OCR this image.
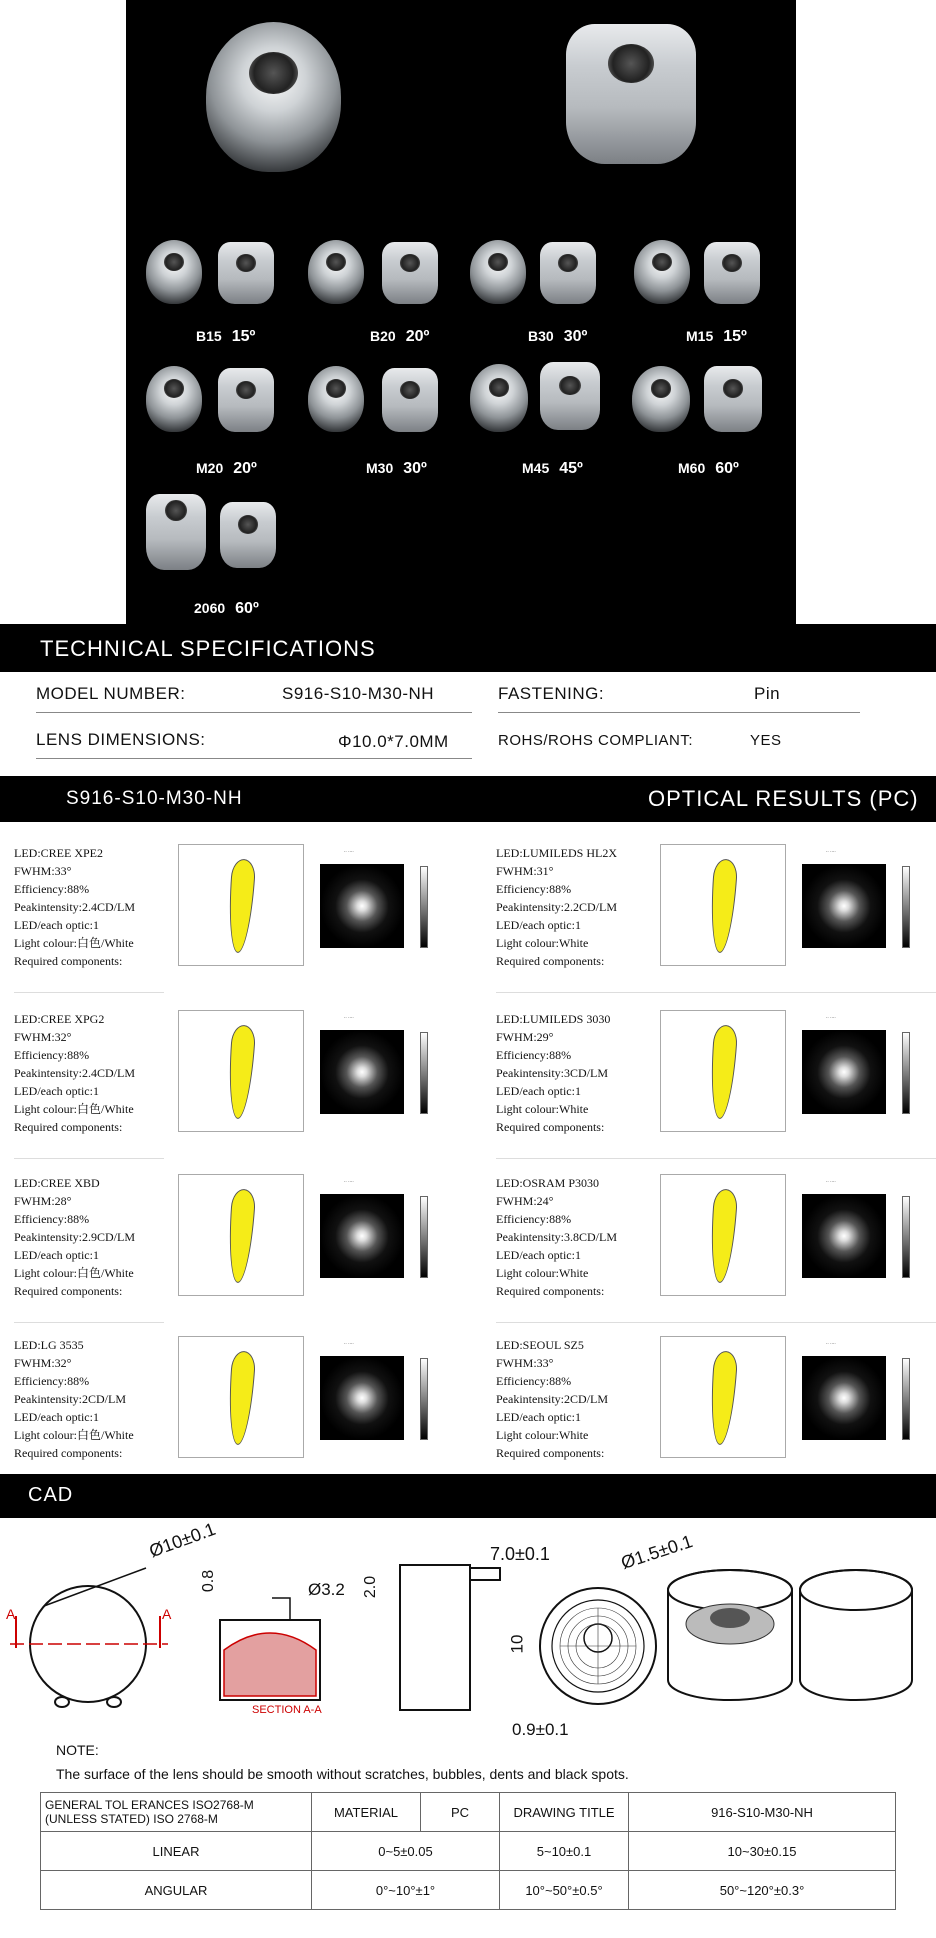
B15 15º	B20 20º	B30 30º	M15 15º
M20 20º	M30 30º	M45 45º	M60 60º
2060 60º
TECHNICAL SPECIFICATIONS
MODEL NUMBER:	S916-S10-M30-NH	FASTENING:	Pin
LENS DIMENSIONS:	Φ10.0*7.0MM	ROHS/ROHS COMPLIANT:	YES
S916-S10-M30-NH	OPTICAL RESULTS (PC)
LED:CREE XPE2
FWHM:33°
Efficiency:88%
Peakintensity:2.4CD/LM
LED/each optic:1
Light colour:白色/White
Required components:
.. ....	LED:LUMILEDS HL2X
FWHM:31°
Efficiency:88%
Peakintensity:2.2CD/LM
LED/each optic:1
Light colour:White
Required components:
.. ....
LED:CREE XPG2
FWHM:32°
Efficiency:88%
Peakintensity:2.4CD/LM
LED/each optic:1
Light colour:白色/White
Required components:
.. ....	LED:LUMILEDS 3030
FWHM:29°
Efficiency:88%
Peakintensity:3CD/LM
LED/each optic:1
Light colour:White
Required components:
.. ....
LED:CREE XBD
FWHM:28°
Efficiency:88%
Peakintensity:2.9CD/LM
LED/each optic:1
Light colour:白色/White
Required components:
.. ....	LED:OSRAM P3030
FWHM:24°
Efficiency:88%
Peakintensity:3.8CD/LM
LED/each optic:1
Light colour:White
Required components:
.. ....
LED:LG 3535
FWHM:32°
Efficiency:88%
Peakintensity:2CD/LM
LED/each optic:1
Light colour:白色/White
Required components:
.. ....	LED:SEOUL SZ5
FWHM:33°
Efficiency:88%
Peakintensity:2CD/LM
LED/each optic:1
Light colour:White
Required components:
.. ....
CAD
Ø10±0.1
0.8	Ø3.2 2.0
7.0±0.1
10
Ø1.5±0.1
0.9±0.1
A	A
SECTION A-A
NOTE:
The surface of the lens should be smooth without scratches, bubbles, dents and black spots.
GENERAL TOL ERANCES ISO2768-M (UNLESS STATED) ISO 2768-M	MATERIAL	PC	DRAWING TITLE	916-S10-M30-NH
LINEAR	0~5±0.05		5~10±0.1	10~30±0.15
ANGULAR	0°~10°±1°		10°~50°±0.5°	50°~120°±0.3°
